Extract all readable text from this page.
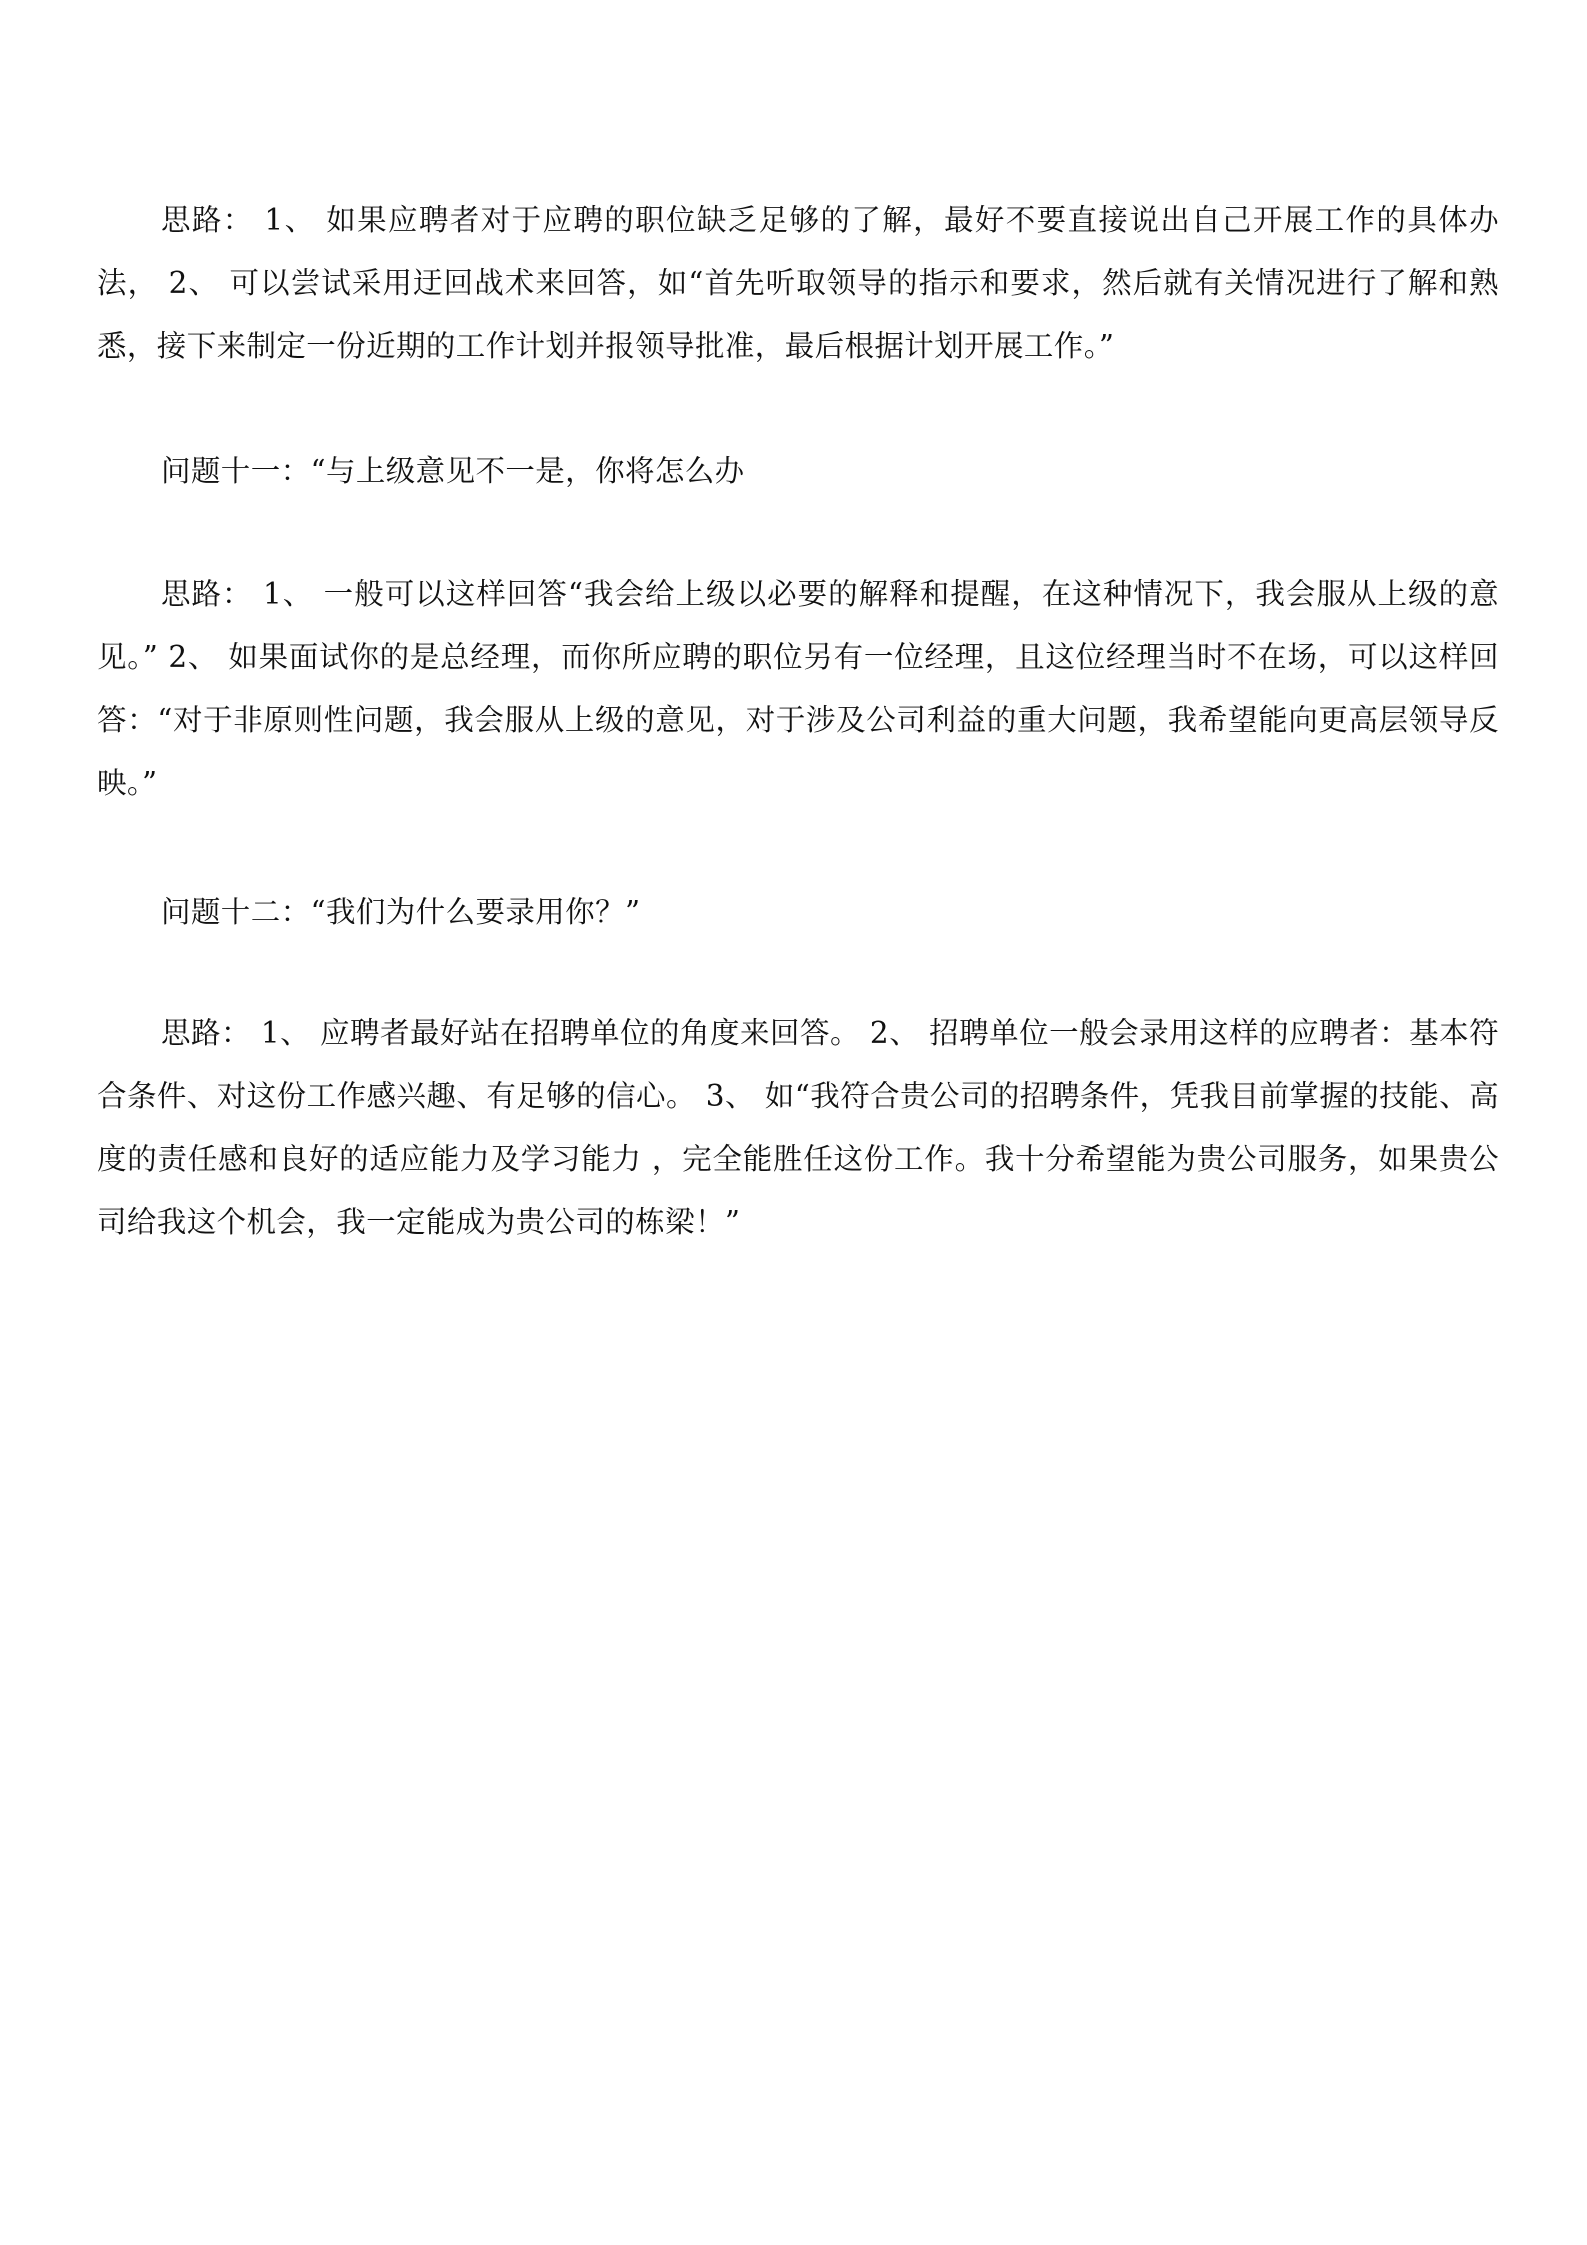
思路： 1、 如果应聘者对于应聘的职位缺乏足够的了解，最好不要直接说出自己开展工作的具体办法， 2、 可以尝试采用迂回战术来回答，如“首先听取领导的指示和要求，然后就有关情况进行了解和熟悉，接下来制定一份近期的工作计划并报领导批准，最后根据计划开展工作。”

问题十一：“与上级意见不一是，你将怎么办

思路： 1、 一般可以这样回答“我会给上级以必要的解释和提醒，在这种情况下，我会服从上级的意见。” 2、 如果面试你的是总经理，而你所应聘的职位另有一位经理，且这位经理当时不在场，可以这样回答：“对于非原则性问题，我会服从上级的意见，对于涉及公司利益的重大问题，我希望能向更高层领导反映。”

问题十二：“我们为什么要录用你？”

思路： 1、 应聘者最好站在招聘单位的角度来回答。 2、 招聘单位一般会录用这样的应聘者：基本符合条件、对这份工作感兴趣、有足够的信心。 3、 如“我符合贵公司的招聘条件，凭我目前掌握的技能、高度的责任感和良好的适应能力及学习能力 ，完全能胜任这份工作。我十分希望能为贵公司服务，如果贵公司给我这个机会，我一定能成为贵公司的栋梁！”
